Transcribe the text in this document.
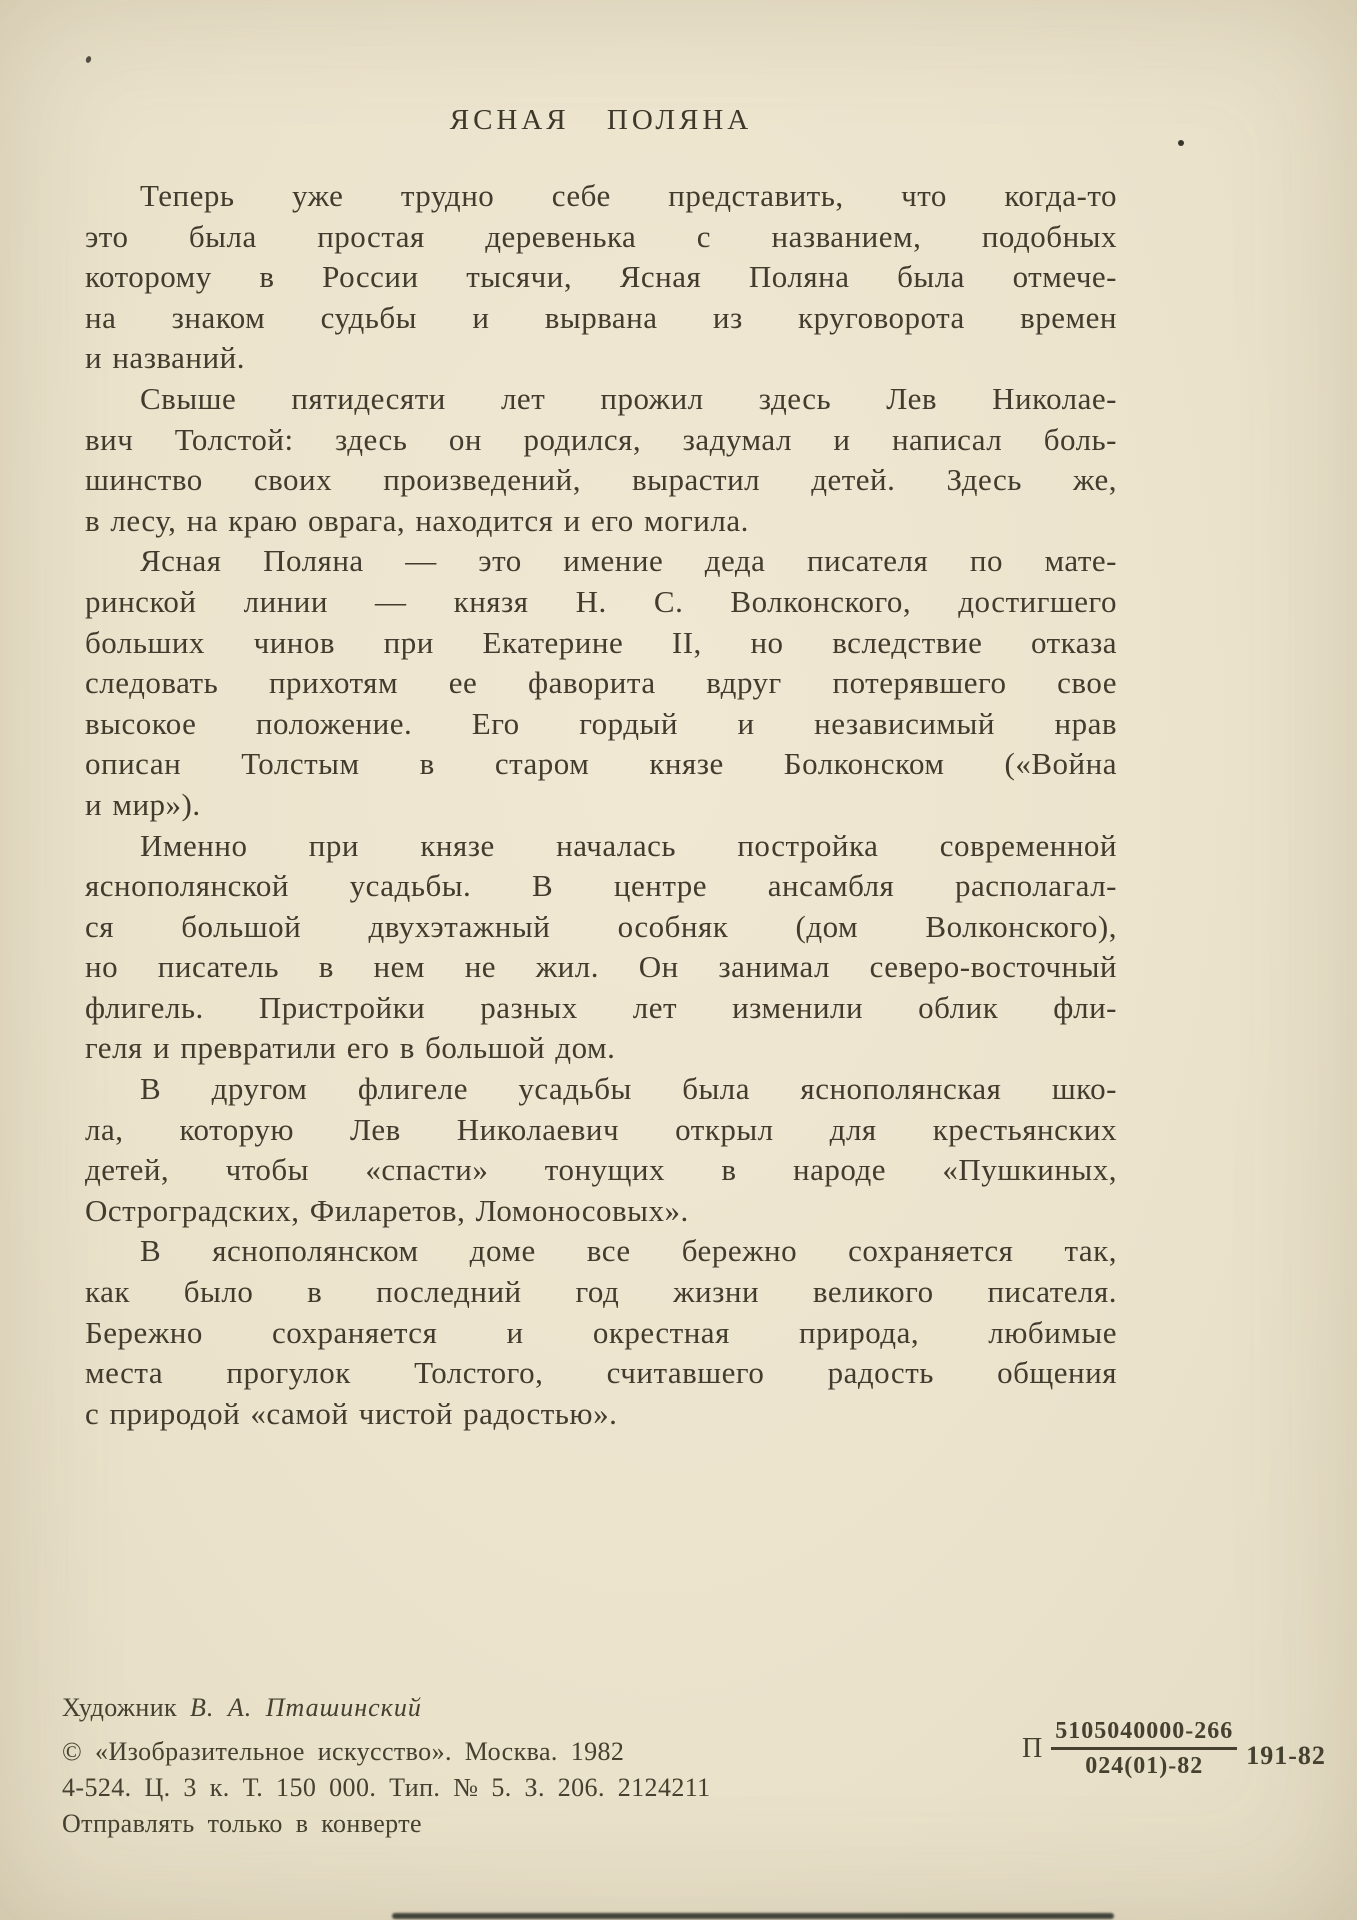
ЯСНАЯ ПОЛЯНА
Теперь уже трудно себе представить, что когда-то
это была простая деревенька с названием, подобных
которому в России тысячи, Ясная Поляна была отмече-
на знаком судьбы и вырвана из круговорота времен
и названий.
Свыше пятидесяти лет прожил здесь Лев Николае-
вич Толстой: здесь он родился, задумал и написал боль-
шинство своих произведений, вырастил детей. Здесь же,
в лесу, на краю оврага, находится и его могила.
Ясная Поляна — это имение деда писателя по мате-
ринской линии — князя Н. С. Волконского, достигшего
больших чинов при Екатерине II, но вследствие отказа
следовать прихотям ее фаворита вдруг потерявшего свое
высокое положение. Его гордый и независимый нрав
описан Толстым в старом князе Болконском («Война
и мир»).
Именно при князе началась постройка современной
яснополянской усадьбы. В центре ансамбля располагал-
ся большой двухэтажный особняк (дом Волконского),
но писатель в нем не жил. Он занимал северо-восточный
флигель. Пристройки разных лет изменили облик фли-
геля и превратили его в большой дом.
В другом флигеле усадьбы была яснополянская шко-
ла, которую Лев Николаевич открыл для крестьянских
детей, чтобы «спасти» тонущих в народе «Пушкиных,
Остроградских, Филаретов, Ломоносовых».
В яснополянском доме все бережно сохраняется так,
как было в последний год жизни великого писателя.
Бережно сохраняется и окрестная природа, любимые
места прогулок Толстого, считавшего радость общения
с природой «самой чистой радостью».
Художник В. А. Пташинский
© «Изобразительное искусство». Москва. 1982
4-524. Ц. 3 к. Т. 150 000. Тип. № 5. З. 206. 2124211
Отправлять только в конверте
П $\frac{5105040000-266}{024(01)-82} 191-82$
